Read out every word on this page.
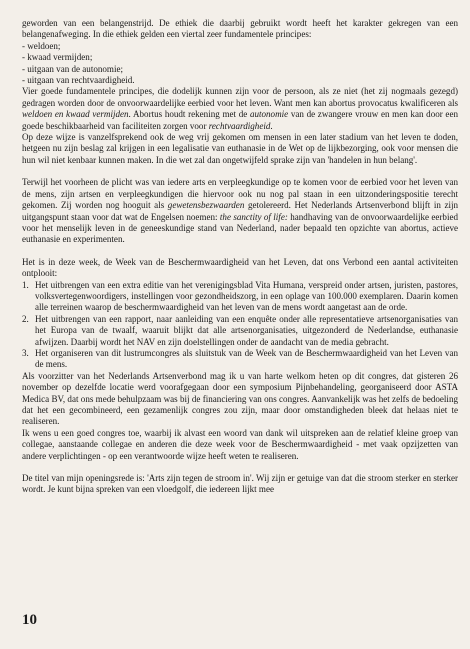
geworden van een belangenstrijd. De ethiek die daarbij gebruikt wordt heeft het karakter gekregen van een belangenafweging. In die ethiek gelden een viertal zeer fundamentele principes:

- weldoen;
- kwaad vermijden;
- uitgaan van de autonomie;
- uitgaan van rechtvaardigheid.

Vier goede fundamentele principes, die dodelijk kunnen zijn voor de persoon, als ze niet (het zij nogmaals gezegd) gedragen worden door de onvoorwaardelijke eerbied voor het leven. Want men kan abortus provocatus kwalificeren als weldoen en kwaad vermijden. Abortus houdt rekening met de autonomie van de zwangere vrouw en men kan door een goede beschikbaarheid van faciliteiten zorgen voor rechtvaardigheid.

Op deze wijze is vanzelfsprekend ook de weg vrij gekomen om mensen in een later stadium van het leven te doden, hetgeen nu zijn beslag zal krijgen in een legalisatie van euthanasie in de Wet op de lijkbezorging, ook voor mensen die hun wil niet kenbaar kunnen maken. In die wet zal dan ongetwijfeld sprake zijn van 'handelen in hun belang'.

Terwijl het voorheen de plicht was van iedere arts en verpleegkundige op te komen voor de eerbied voor het leven van de mens, zijn artsen en verpleegkundigen die hiervoor ook nu nog pal staan in een uitzonderingspositie terecht gekomen. Zij worden nog hooguit als gewetensbezwaarden getolereerd. Het Nederlands Artsenverbond blijft in zijn uitgangspunt staan voor dat wat de Engelsen noemen: the sanctity of life: handhaving van de onvoorwaardelijke eerbied voor het menselijk leven in de geneeskundige stand van Nederland, nader bepaald ten opzichte van abortus, actieve euthanasie en experimenten.

Het is in deze week, de Week van de Beschermwaardigheid van het Leven, dat ons Verbond een aantal activiteiten ontplooit:

1. Het uitbrengen van een extra editie van het verenigingsblad Vita Humana, verspreid onder artsen, juristen, pastores, volksvertegenwoordigers, instellingen voor gezondheidszorg, in een oplage van 100.000 exemplaren. Daarin komen alle terreinen waarop de beschermwaardigheid van het leven van de mens wordt aangetast aan de orde.
2. Het uitbrengen van een rapport, naar aanleiding van een enquête onder alle representatieve artsenorganisaties van het Europa van de twaalf, waaruit blijkt dat alle artsenorganisaties, uitgezonderd de Nederlandse, euthanasie afwijzen. Daarbij wordt het NAV en zijn doelstellingen onder de aandacht van de media gebracht.
3. Het organiseren van dit lustrumcongres als sluitstuk van de Week van de Beschermwaardigheid van het Leven van de mens.

Als voorzitter van het Nederlands Artsenverbond mag ik u van harte welkom heten op dit congres, dat gisteren 26 november op dezelfde locatie werd voorafgegaan door een symposium Pijnbehandeling, georganiseerd door ASTA Medica BV, dat ons mede behulpzaam was bij de financiering van ons congres. Aanvankelijk was het zelfs de bedoeling dat het een gecombineerd, een gezamenlijk congres zou zijn, maar door omstandigheden bleek dat helaas niet te realiseren.

Ik wens u een goed congres toe, waarbij ik alvast een woord van dank wil uitspreken aan de relatief kleine groep van collegae, aanstaande collegae en anderen die deze week voor de Beschermwaardigheid - met vaak opzijzetten van andere verplichtingen - op een verantwoorde wijze heeft weten te realiseren.

De titel van mijn openingsrede is: 'Arts zijn tegen de stroom in'. Wij zijn er getuige van dat die stroom sterker en sterker wordt. Je kunt bijna spreken van een vloedgolf, die iedereen lijkt mee

10
